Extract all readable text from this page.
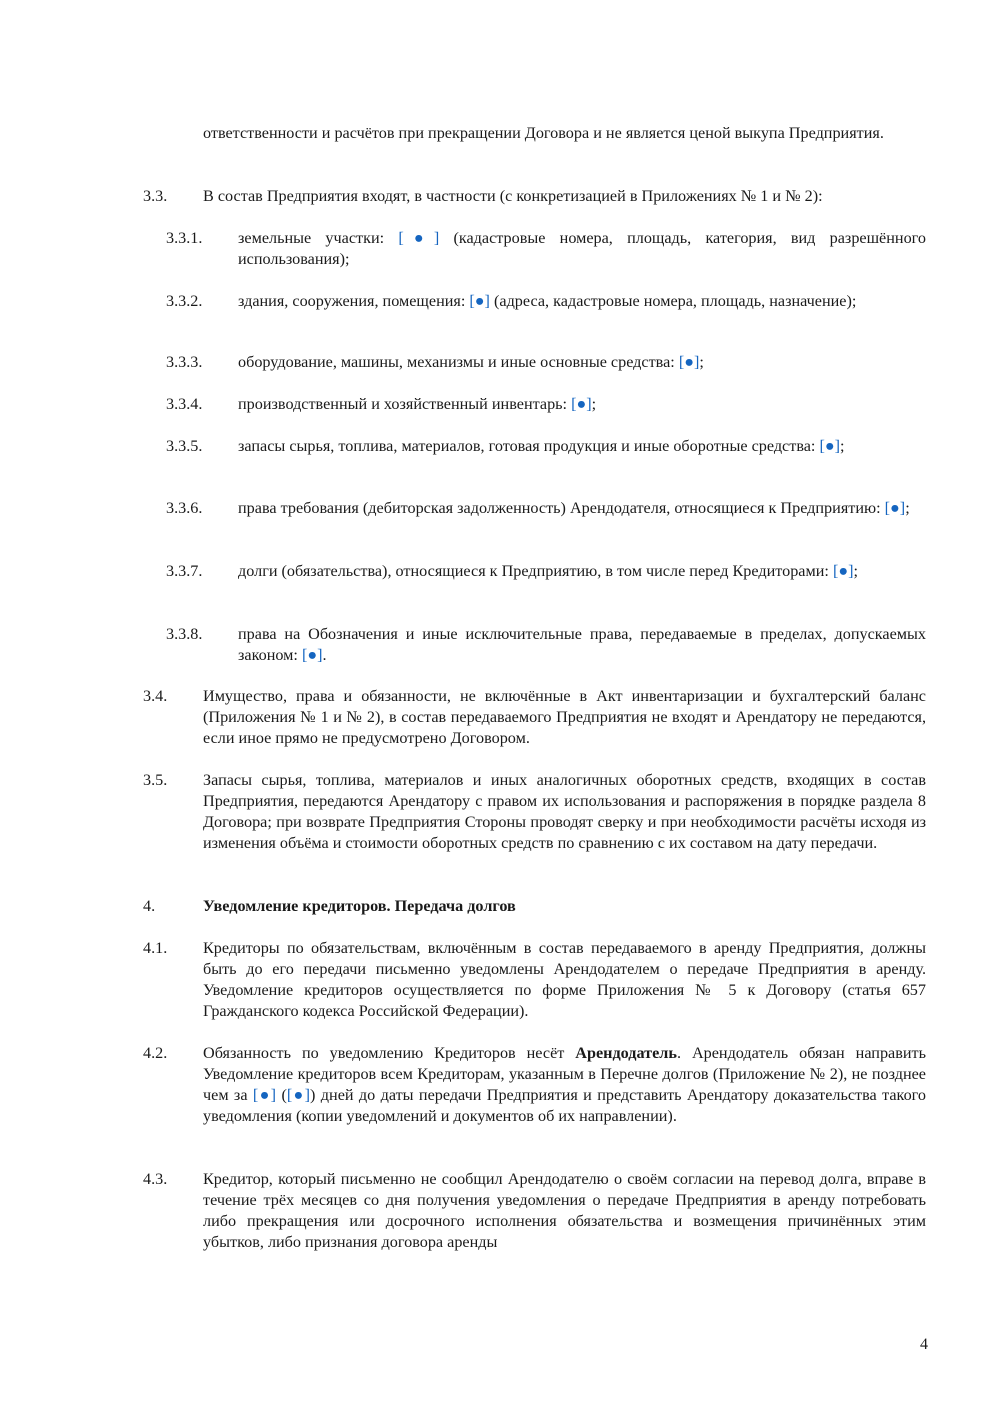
ответственности и расчётов при прекращении Договора и не является ценой выкупа Предприятия.
3.3. В состав Предприятия входят, в частности (с конкретизацией в Приложениях № 1 и № 2):
3.3.1. земельные участки: [●] (кадастровые номера, площадь, категория, вид разрешённого использования);
3.3.2. здания, сооружения, помещения: [●] (адреса, кадастровые номера, площадь, назначение);
3.3.3. оборудование, машины, механизмы и иные основные средства: [●];
3.3.4. производственный и хозяйственный инвентарь: [●];
3.3.5. запасы сырья, топлива, материалов, готовая продукция и иные оборотные средства: [●];
3.3.6. права требования (дебиторская задолженность) Арендодателя, относящиеся к Предприятию: [●];
3.3.7. долги (обязательства), относящиеся к Предприятию, в том числе перед Кредиторами: [●];
3.3.8. права на Обозначения и иные исключительные права, передаваемые в пределах, допускаемых законом: [●].
3.4. Имущество, права и обязанности, не включённые в Акт инвентаризации и бухгалтерский баланс (Приложения № 1 и № 2), в состав передаваемого Предприятия не входят и Арендатору не передаются, если иное прямо не предусмотрено Договором.
3.5. Запасы сырья, топлива, материалов и иных аналогичных оборотных средств, входящих в состав Предприятия, передаются Арендатору с правом их использования и распоряжения в порядке раздела 8 Договора; при возврате Предприятия Стороны проводят сверку и при необходимости расчёты исходя из изменения объёма и стоимости оборотных средств по сравнению с их составом на дату передачи.
4.	Уведомление кредиторов. Передача долгов
4.1. Кредиторы по обязательствам, включённым в состав передаваемого в аренду Предприятия, должны быть до его передачи письменно уведомлены Арендодателем о передаче Предприятия в аренду. Уведомление кредиторов осуществляется по форме Приложения № 5 к Договору (статья 657 Гражданского кодекса Российской Федерации).
4.2. Обязанность по уведомлению Кредиторов несёт Арендодатель. Арендодатель обязан направить Уведомление кредиторов всем Кредиторам, указанным в Перечне долгов (Приложение № 2), не позднее чем за [●] ([●]) дней до даты передачи Предприятия и представить Арендатору доказательства такого уведомления (копии уведомлений и документов об их направлении).
4.3. Кредитор, который письменно не сообщил Арендодателю о своём согласии на перевод долга, вправе в течение трёх месяцев со дня получения уведомления о передаче Предприятия в аренду потребовать либо прекращения или досрочного исполнения обязательства и возмещения причинённых этим убытков, либо признания договора аренды
4
